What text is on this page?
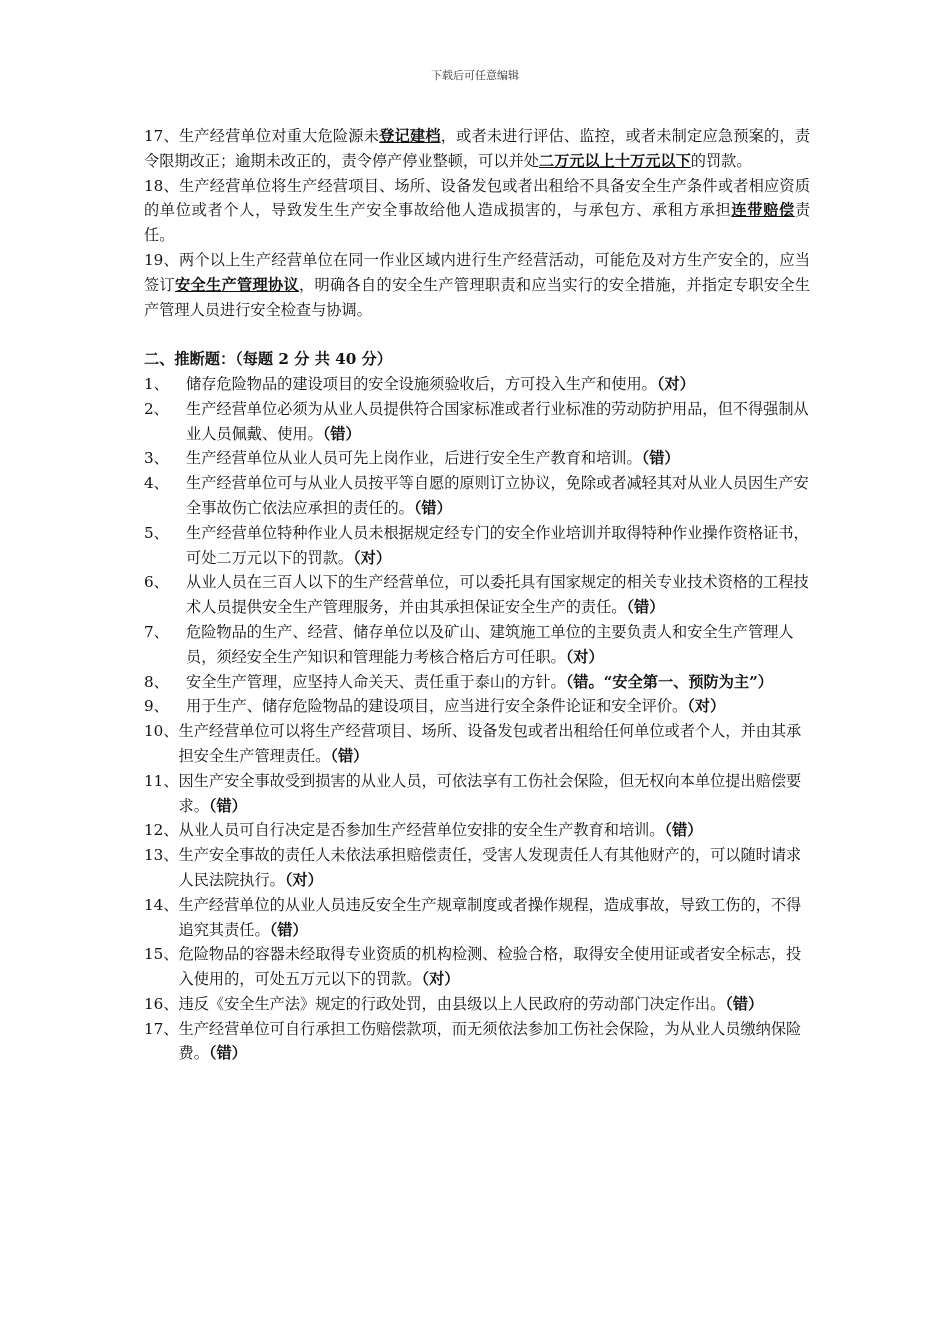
下载后可任意编辑

17、生产经营单位对重大危险源未登记建档，或者未进行评估、监控，或者未制定应急预案的，责令限期改正；逾期未改正的，责令停产停业整顿，可以并处二万元以上十万元以下的罚款。

18、生产经营单位将生产经营项目、场所、设备发包或者出租给不具备安全生产条件或者相应资质的单位或者个人，导致发生生产安全事故给他人造成损害的，与承包方、承租方承担连带赔偿责任。

19、两个以上生产经营单位在同一作业区域内进行生产经营活动，可能危及对方生产安全的，应当签订安全生产管理协议，明确各自的安全生产管理职责和应当实行的安全措施，并指定专职安全生产管理人员进行安全检查与协调。

二、推断题：（每题 2 分 共 40 分）

1、	储存危险物品的建设项目的安全设施须验收后，方可投入生产和使用。（对）
2、	生产经营单位必须为从业人员提供符合国家标准或者行业标准的劳动防护用品，但不得强制从业人员佩戴、使用。（错）
3、	生产经营单位从业人员可先上岗作业，后进行安全生产教育和培训。（错）
4、	生产经营单位可与从业人员按平等自愿的原则订立协议，免除或者减轻其对从业人员因生产安全事故伤亡依法应承担的责任的。（错）
5、	生产经营单位特种作业人员未根据规定经专门的安全作业培训并取得特种作业操作资格证书，可处二万元以下的罚款。（对）
6、	从业人员在三百人以下的生产经营单位，可以委托具有国家规定的相关专业技术资格的工程技术人员提供安全生产管理服务，并由其承担保证安全生产的责任。（错）
7、	危险物品的生产、经营、储存单位以及矿山、建筑施工单位的主要负责人和安全生产管理人员，须经安全生产知识和管理能力考核合格后方可任职。（对）
8、	安全生产管理，应坚持人命关天、责任重于泰山的方针。（错。“安全第一、预防为主”）
9、	用于生产、储存危险物品的建设项目，应当进行安全条件论证和安全评价。（对）
10、 生产经营单位可以将生产经营项目、场所、设备发包或者出租给任何单位或者个人，并由其承担安全生产管理责任。（错）
11、 因生产安全事故受到损害的从业人员，可依法享有工伤社会保险，但无权向本单位提出赔偿要求。（错）
12、 从业人员可自行决定是否参加生产经营单位安排的安全生产教育和培训。（错）
13、 生产安全事故的责任人未依法承担赔偿责任，受害人发现责任人有其他财产的，可以随时请求人民法院执行。（对）
14、 生产经营单位的从业人员违反安全生产规章制度或者操作规程，造成事故，导致工伤的，不得追究其责任。（错）
15、 危险物品的容器未经取得专业资质的机构检测、检验合格，取得安全使用证或者安全标志，投入使用的，可处五万元以下的罚款。（对）
16、 违反《安全生产法》规定的行政处罚，由县级以上人民政府的劳动部门决定作出。（错）
17、 生产经营单位可自行承担工伤赔偿款项，而无须依法参加工伤社会保险，为从业人员缴纳保险费。（错）
